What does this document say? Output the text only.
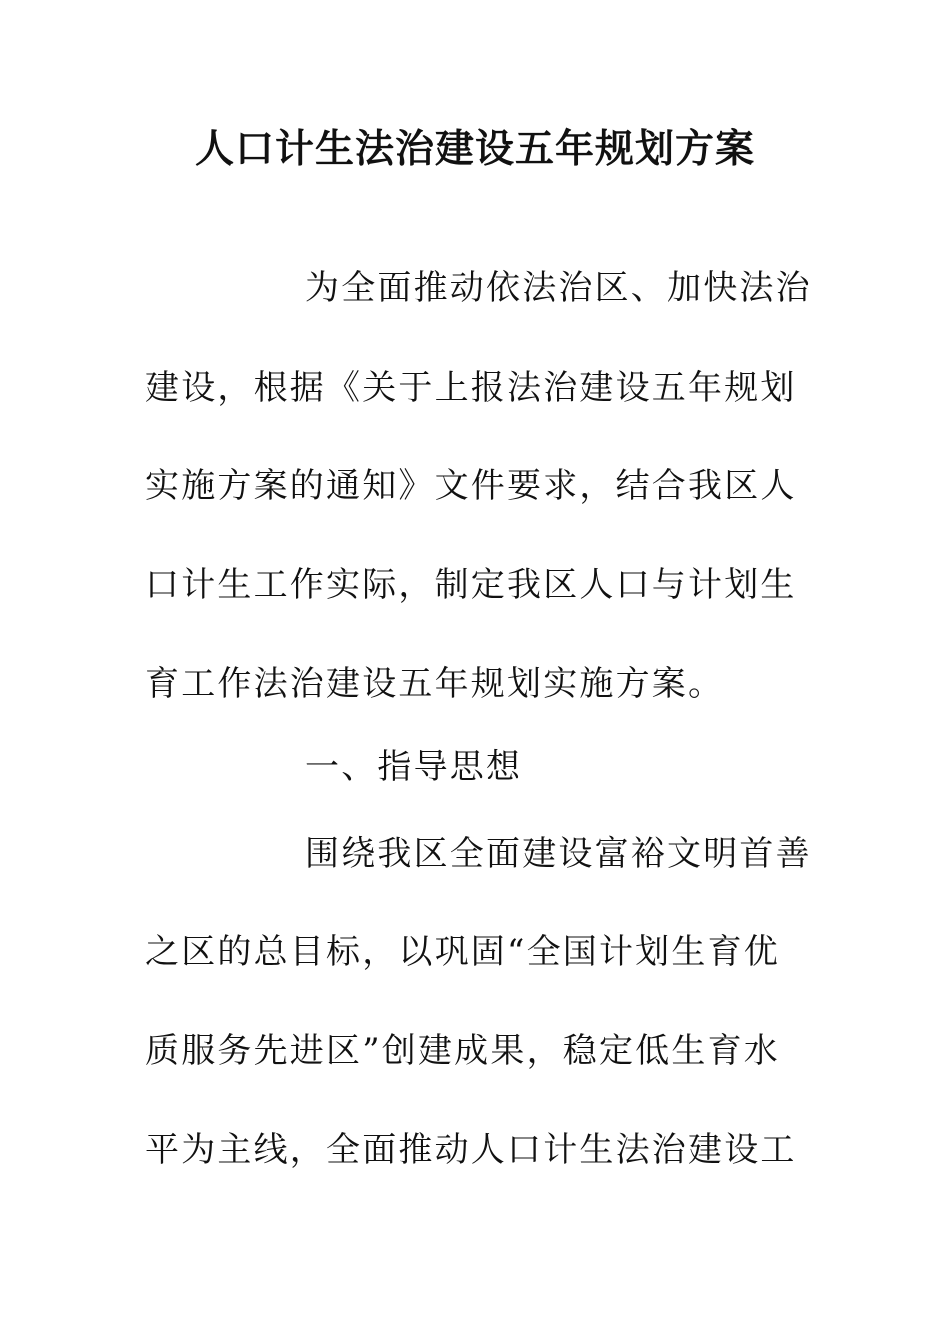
人口计生法治建设五年规划方案
为全面推动依法治区、加快法治
建设，根据《关于上报法治建设五年规划
实施方案的通知》文件要求，结合我区人
口计生工作实际，制定我区人口与计划生
育工作法治建设五年规划实施方案。
一、指导思想
围绕我区全面建设富裕文明首善
之区的总目标，以巩固“全国计划生育优
质服务先进区”创建成果，稳定低生育水
平为主线，全面推动人口计生法治建设工
